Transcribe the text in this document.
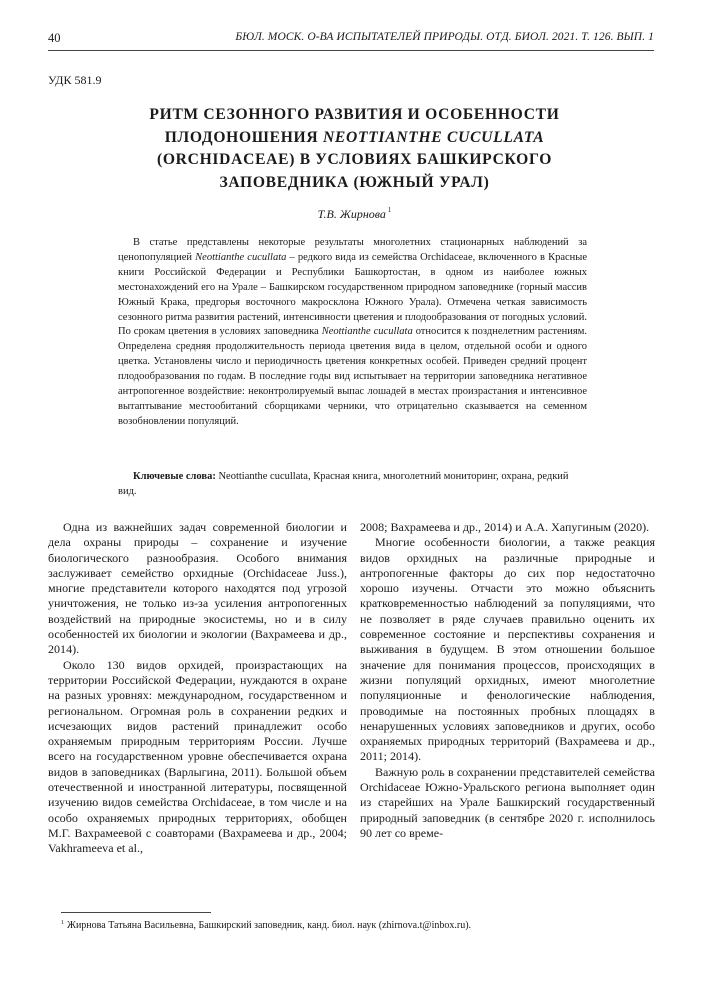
40	БЮЛ. МОСК. О-ВА ИСПЫТАТЕЛЕЙ ПРИРОДЫ. ОТД. БИОЛ. 2021. Т. 126. ВЫП. 1
УДК 581.9
РИТМ СЕЗОННОГО РАЗВИТИЯ И ОСОБЕННОСТИ ПЛОДОНОШЕНИЯ NEOTTIANTHE CUCULLATA (ORCHIDACEAE) В УСЛОВИЯХ БАШКИРСКОГО ЗАПОВЕДНИКА (ЮЖНЫЙ УРАЛ)
Т.В. Жирнова $^1$
В статье представлены некоторые результаты многолетних стационарных наблюдений за ценопопуляцией Neottianthe cucullata – редкого вида из семейства Orchidaceae, включенного в Красные книги Российской Федерации и Республики Башкортостан, в одном из наиболее южных местонахождений его на Урале – Башкирском государственном природном заповеднике (горный массив Южный Крака, предгорья восточного макросклона Южного Урала). Отмечена четкая зависимость сезонного ритма развития растений, интенсивности цветения и плодообразования от погодных условий. По срокам цветения в условиях заповедника Neottianthe cucullata относится к позднелетним растениям. Определена средняя продолжительность периода цветения вида в целом, отдельной особи и одного цветка. Установлены число и периодичность цветения конкретных особей. Приведен средний процент плодообразования по годам. В последние годы вид испытывает на территории заповедника негативное антропогенное воздействие: неконтролируемый выпас лошадей в местах произрастания и интенсивное вытаптывание местообитаний сборщиками черники, что отрицательно сказывается на семенном возобновлении популяций.
Ключевые слова: Neottianthe cucullata, Красная книга, многолетний мониторинг, охрана, редкий вид.

Одна из важнейших задач современной биологии и дела охраны природы – сохранение и изучение биологического разнообразия. Особого внимания заслуживает семейство орхидные (Orchidaceae Juss.), многие представители которого находятся под угрозой уничтожения, не только из-за усиления антропогенных воздействий на природные экосистемы, но и в силу особенностей их биологии и экологии (Вахрамеева и др., 2014).

Около 130 видов орхидей, произрастающих на территории Российской Федерации, нуждаются в охране на разных уровнях: международном, государственном и региональном. Огромная роль в сохранении редких и исчезающих видов растений принадлежит особо охраняемым природным территориям России. Лучше всего на государственном уровне обеспечивается охрана видов в заповедниках (Варлыгина, 2011). Большой объем отечественной и иностранной литературы, посвященной изучению видов семейства Orchidaceae, в том числе и на особо охраняемых природных территориях, обобщен М.Г. Вахрамеевой с соавторами (Вахрамеева и др., 2004; Vakhrameeva et al.,

2008; Вахрамеева и др., 2014) и А.А. Хапугиным (2020).

Многие особенности биологии, а также реакция видов орхидных на различные природные и антропогенные факторы до сих пор недостаточно хорошо изучены. Отчасти это можно объяснить кратковременностью наблюдений за популяциями, что не позволяет в ряде случаев правильно оценить их современное состояние и перспективы сохранения и выживания в будущем. В этом отношении большое значение для понимания процессов, происходящих в жизни популяций орхидных, имеют многолетние популяционные и фенологические наблюдения, проводимые на постоянных пробных площадях в ненарушенных условиях заповедников и других, особо охраняемых природных территорий (Вахрамеева и др., 2011; 2014).

Важную роль в сохранении представителей семейства Orchidaceae Южно-Уральского региона выполняет один из старейших на Урале Башкирский государственный природный заповедник (в сентябре 2020 г. исполнилось 90 лет со време-

$^1$ Жирнова Татьяна Васильевна, Башкирский заповедник, канд. биол. наук (zhirnova.t@inbox.ru).
